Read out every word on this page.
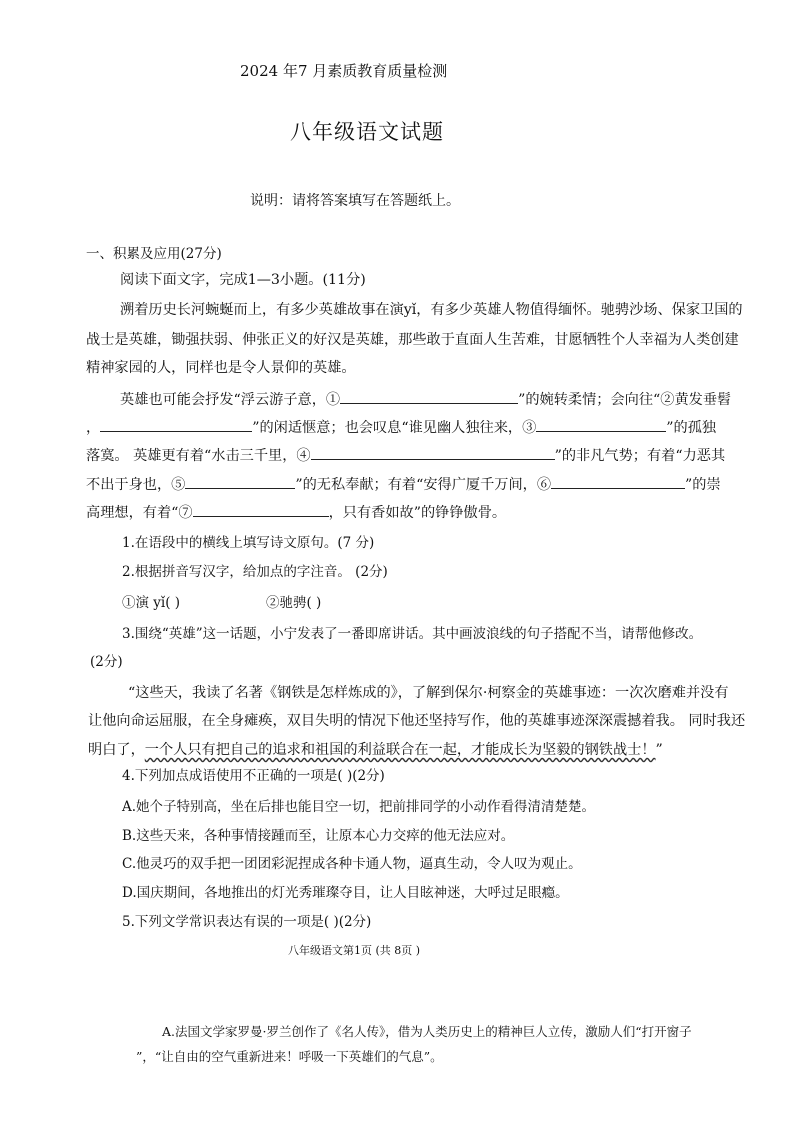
2024 年7 月素质教育质量检测
八年级语文试题
说明：请将答案填写在答题纸上。
一、积累及应用(27分)
阅读下面文字，完成1—3小题。(11分)
溯着历史长河蜿蜒而上，有多少英雄故事在演yǐ，有多少英雄人物值得缅怀。驰骋沙场、保家卫国的
战士是英雄，锄强扶弱、伸张正义的好汉是英雄，那些敢于直面人生苦难，甘愿牺牲个人幸福为人类创建
精神家园的人，同样也是令人景仰的英雄。
英雄也可能会抒发“浮云游子意，①	”的婉转柔情；会向往“②黄发垂髫
，	”的闲适惬意；也会叹息“谁见幽人独往来，③	”的孤独
落寞。 英雄更有着“水击三千里，④	”的非凡气势；有着“力恶其
不出于身也，⑤	”的无私奉献；有着“安得广厦千万间，⑥	”的崇
高理想，有着“⑦	，只有香如故”的铮铮傲骨。
1.在语段中的横线上填写诗文原句。(7 分)
2.根据拼音写汉字，给加点的字注音。 (2分)
①演 yǐ( )	②驰骋( )
3.围绕“英雄”这一话题，小宁发表了一番即席讲话。其中画波浪线的句子搭配不当，请帮他修改。
(2分)
“这些天，我读了名著《钢铁是怎样炼成的》，了解到保尔·柯察金的英雄事迹：一次次磨难并没有
让他向命运屈服，在全身瘫痪，双目失明的情况下他还坚持写作，他的英雄事迹深深震撼着我。 同时我还
明白了，一个人只有把自己的追求和祖国的利益联合在一起，才能成长为坚毅的钢铁战士！”
4.下列加点成语使用不正确的一项是( )(2分)
A.她个子特别高，坐在后排也能目空一切，把前排同学的小动作看得清清楚楚。
B.这些天来，各种事情接踵而至，让原本心力交瘁的他无法应对。
C.他灵巧的双手把一团团彩泥捏成各种卡通人物，逼真生动，令人叹为观止。
D.国庆期间，各地推出的灯光秀璀璨夺目，让人目眩神迷，大呼过足眼瘾。
5.下列文学常识表达有误的一项是( )(2分)
八年级语文第1页 (共 8页 )
A.法国文学家罗曼·罗兰创作了《名人传》，借为人类历史上的精神巨人立传，激励人们“打开窗子
”，“让自由的空气重新进来！呼吸一下英雄们的气息”。
